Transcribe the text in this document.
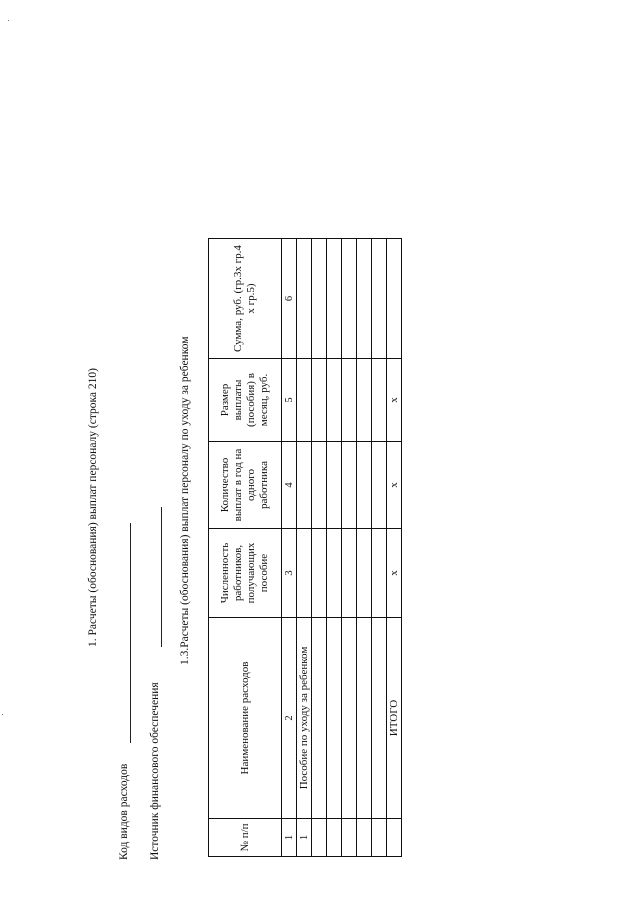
1. Расчеты (обоснования) выплат персоналу (строка 210)
Код видов расходов Источник финансового обеспечения
1.3.Расчеты (обоснования) выплат персоналу по уходу за ребенком
№ п/п	Наименование расходов	Численность работников, получающих пособие	Количество выплат в год на одного работника	Размер выплаты (пособия) в месяц, руб.	Сумма, руб. (гр.3х гр.4 х гр.5)
1	2	3	4	5	6
1	Пособие по уходу за ребенком				

	ИТОГО	x	x	x	
